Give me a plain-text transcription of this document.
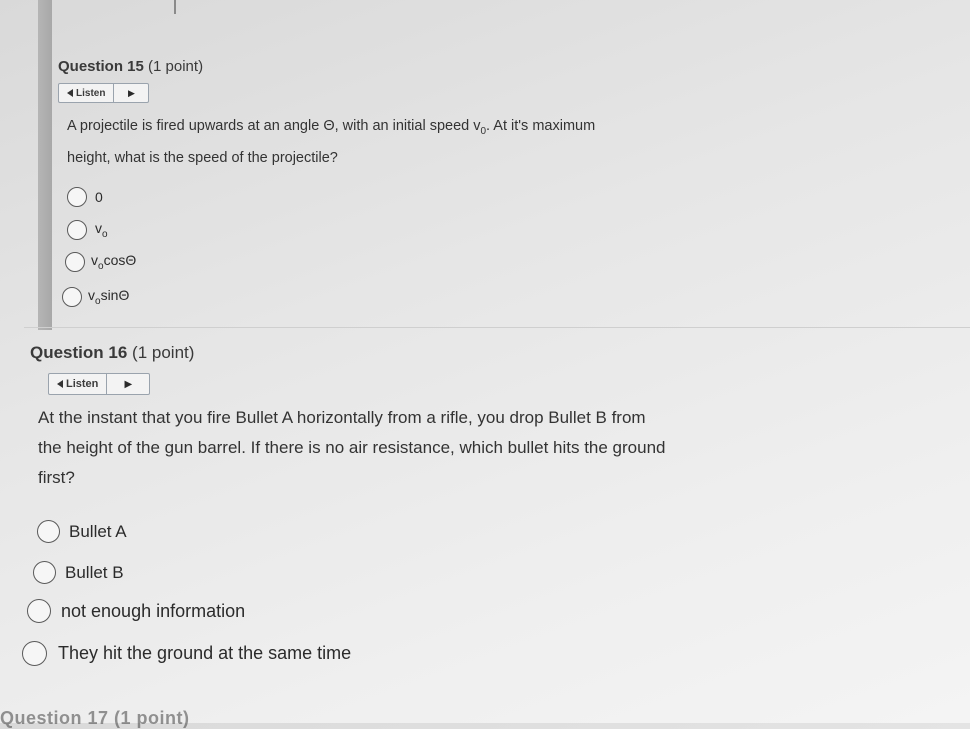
Question 15 (1 point)
Listen	▶
A projectile is fired upwards at an angle Θ, with an initial speed $v_0$. At it's maximum
height, what is the speed of the projectile?
0
$v_o$
$v_o\cos\Theta$
$v_o\sin\Theta$
Question 16 (1 point)
Listen	▶
At the instant that you fire Bullet A horizontally from a rifle, you drop Bullet B from
the height of the gun barrel. If there is no air resistance, which bullet hits the ground
first?
Bullet A
Bullet B
not enough information
They hit the ground at the same time
Question 17 (1 point)
